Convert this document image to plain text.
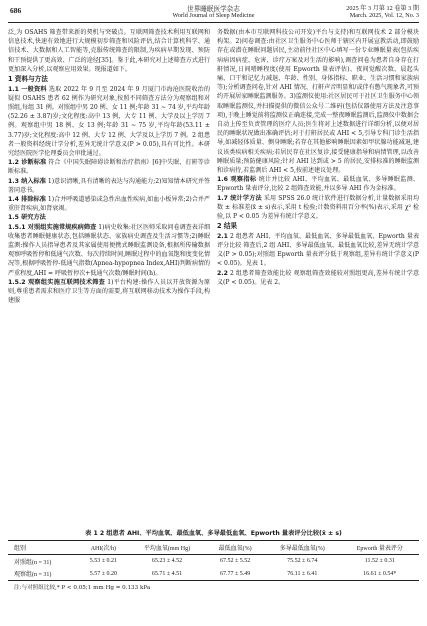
686	世界睡眠医学杂志
World Journal of Sleep Medicine
2025 年 3 月第 12 卷第 3 期
March. 2025, Vol. 12, No. 3

泛,为 OSAHS 筛查带来新的契机与突破点。互联网筛查技术利用互联网和信息技术,快速有效地进行大规模初步筛查和风险评估,结合计算机科学、通信技术、大数据和人工智能等,克服传统筛查的限制,为疾病早期发现、预防和干预提供了更高效、广泛的途径[35]。鉴于此,本研究对上述筛查方式进行更加深入分析,以观察应用效果。现报道如下。

1 资料与方法

1.1 一般资料 选取 2022 年 9 月至 2024 年 9 月厦门市海沧医院收治的疑似 OSAHS 患者 62 例作为研究对象,按照不同筛查方法分为观察组和对照组,每组 31 例。对照组中男 20 例、女 11 例;年龄 31 ~ 74 岁,平均年龄(52.26 ± 3.87)岁;文化程度:高中 13 例、大专 11 例、大学及以上学历 7 例。观察组中男 18 例、女 13 例;年龄 31 ~ 75 岁,平均年龄(53.11 ± 3.77)岁;文化程度:高中 12 例、大专 12 例、大学及以上学历 7 例。2 组患者一般资料经统计学分析,差异无统计学意义(P > 0.05),具有可比性。本研究经医院医学伦理委员会审批通过。

1.2 诊断标准 符合《中国失眠障碍诊断和治疗指南》[6]中失眠、打鼾等诊断标准。

1.3 纳入标准 1)意识清晰,具有清晰的表达与沟通能力;2)知知情本研究并签署同意书。

1.4 排除标准 1)合并呼吸道感染或急性出血性疾病,如血小板异常;2)合并严重肝肾疾病,如肾衰竭。

1.5 研究方法

1.5.1 对照组实施常规疾病筛查 1)病史收集:社区医师采取问卷调查表详细收集患者睡眠健康状态,包括睡眠状态、家族病史调查及生活习惯等;2)睡眠监测:操作人员指导患者及其家属使用便携式睡眠监测设备,根据所传输数据观察呼吸暂停和低通气次数、每次持续时间,睡眠过程中的血氧饱和度变化情况等,根据呼吸暂停-低通气指数(Apnea-hypopnea Index,AHI)判断病情的严重程度,AHI = 呼吸暂停次+低通气次数/睡眠时间(h)。

1.5.2 观察组实施互联网技术筛查 1)平台构建:操作人员以开放资源为原则,尊重患者需求和医疗卫生等方面的需要,将互联网移动技术为操作手段,构建服

务数据(由本市互联网科技公司开发)平台与支持)和互联网技术 2 部分模块构架。2)问卷调查:由社区卫生服务中心医师于辖区内开展宣教活动,即鼓励存在或潜在睡眠问题居民,主动前往社区中心填写一份专业睡眠量表(包括疾病病因病症、危害、诊疗方案及对生活的影响),调查问卷为患者自身存在打鼾情况,日间嗜睡程度(使用 Epworth 量表评估)、夜间觉醒次数、晨起头痛、口干和记忆力减退、年龄、性别、身体指标、职业、生活习惯和家族病等);分析调查问卷,针对 AHI 情况、打鼾声音明显和/或伴有憋气现象者,可预约开展居家睡眠监测服务。3)监测仪使用:社区居民可于社区卫生服务中心领取睡眠监测仪,并扫描提供的微信公众号二维码(包括仪器使用方法及注意事项),于晚上睡觉前将监测仪正确连接,完成一整夜睡眠监测后,监测仪中数据会自动上传至负责管理的医疗人员;医生将对上述数据进行详细分析,以便对居民的睡眠状况做出准确评估;对于打鼾居民或 AHI < 5,引导专科门诊生活指导,如减轻体质量、侧身睡眠;若存在其他影响睡眠因素如甲状腺功能减退,建议该类疾病相关疾病;若居民存在社区复诊,接受健康指导和病情管理,以改善睡眠质量;预防健康风险;针对 AHI 达到或 > 5 的居民,安排标准的睡眠监测和诊病待,若监测后 AHI < 5,按前述建议处理。

1.6 观察指标 统计并比较 AHI、平均血氧、最低血氧、多导睡眠监测、Epworth 量表评分,比较 2 组筛查效能,并以多导 AHI 作为金标准。

1.7 统计学方法 采用 SPSS 26.0 统计软件进行数据分析,计量数据采用均数 ± 标准差(x̄ ± s)表示,采用 t 检验;计数资料用百分率(%)表示,采用 χ² 检验,以 P < 0.05 为差异有统计学意义。

2 结果

2.1 2 组患者 AHI、平均血氧、最低血氧、多导最低血氧、Epworth 量表评分比较 筛查后,2 组 AHI、多导最低血氧、最低血氧比较,差异无统计学意义(P > 0.05);对照组 Epworth 量表评分低于观察组,差异有统计学意义(P < 0.05)。见表 1。

2.2 2 组患者筛查效能比较 观察组筛查效能较对照组更高,差异有统计学意义(P < 0.05)。见表 2。

表 1 2 组患者 AHI、平均血氧、最低血氧、多导最低血氧、Epworth 量表评分比较(x̄ ± s)
组别	AHI(次/h)	平均血氧(mm Hg)	最低血氧(%)	多导最低血氧(%)	Epworth 量表评分
对照组(n = 31)	5.53 ± 0.21	65.23 ± 4.52	67.52 ± 5.52	75.52 ± 6.74	11.52 ± 0.31
观察组(n = 31)	5.57 ± 0.20	65.71 ± 4.51	67.77 ± 5.49	76.11 ± 6.41	16.61 ± 0.54*
注:与对照组比较,* P < 0.05;1 mm Hg = 0.133 kPa
